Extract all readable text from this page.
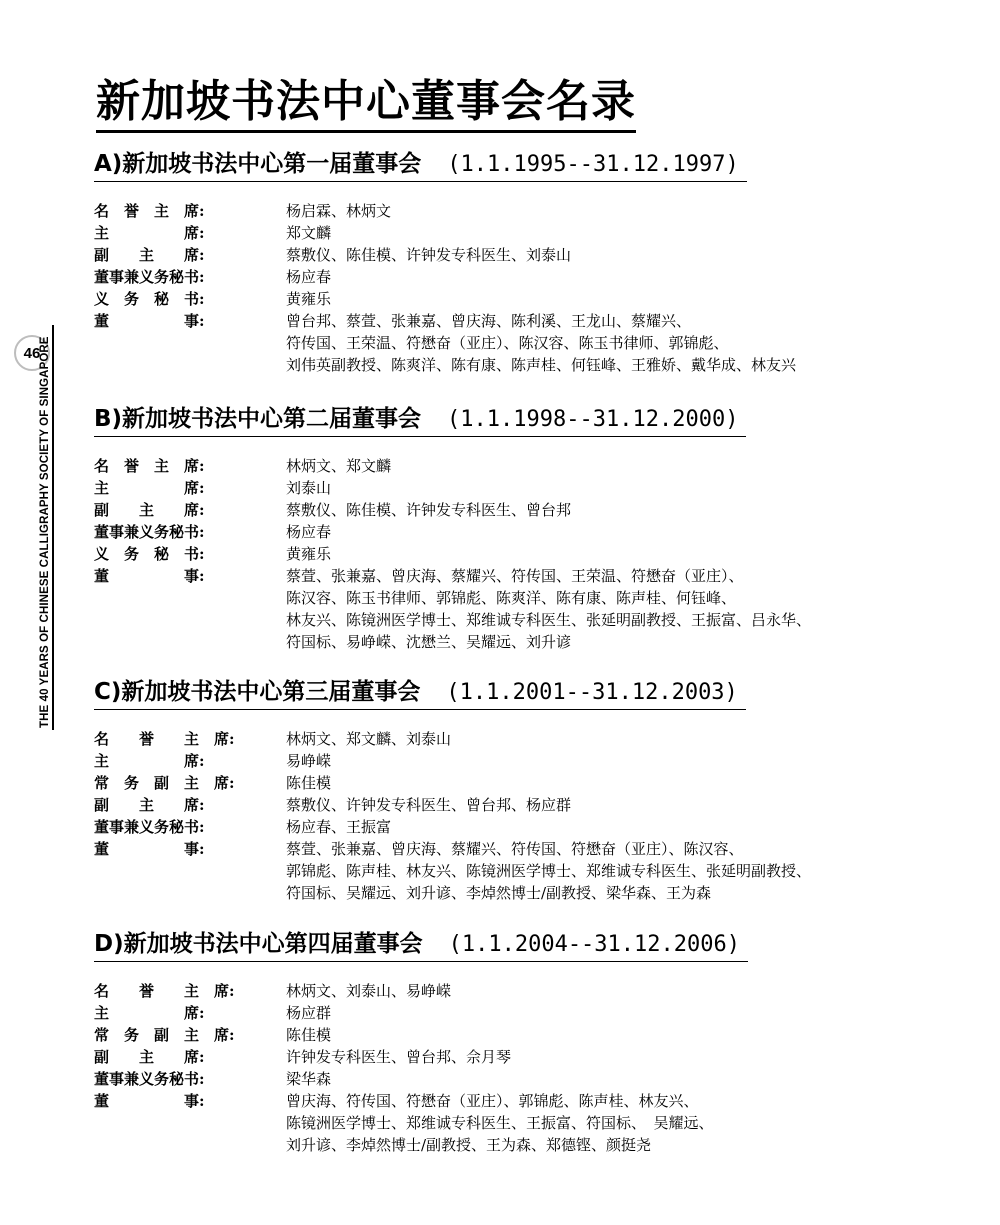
新加坡书法中心董事会名录
46
THE 40 YEARS OF CHINESE CALLIGRAPHY SOCIETY OF SINGAPORE
A)新加坡书法中心第一届董事会 (1.1.1995--31.12.1997)
名　誉　主　席:	杨启霖、林炳文
主　　　　　席:	郑文麟
副　　主　　席:	蔡敷仪、陈佳模、许钟发专科医生、刘泰山
董事兼义务秘书:	杨应春
义　务　秘　书:	黄雍乐
董　　　　　事:	曾台邦、蔡萱、张兼嘉、曾庆海、陈利溪、王龙山、蔡耀兴、
符传国、王荣温、符懋奋（亚庄）、陈汉容、陈玉书律师、郭锦彪、
刘伟英副教授、陈爽洋、陈有康、陈声桂、何钰峰、王雅娇、戴华成、林友兴
B)新加坡书法中心第二届董事会 (1.1.1998--31.12.2000)
名　誉　主　席:	林炳文、郑文麟
主　　　　　席:	刘泰山
副　　主　　席:	蔡敷仪、陈佳模、许钟发专科医生、曾台邦
董事兼义务秘书:	杨应春
义　务　秘　书:	黄雍乐
董　　　　　事:	蔡萱、张兼嘉、曾庆海、蔡耀兴、符传国、王荣温、符懋奋（亚庄）、
陈汉容、陈玉书律师、郭锦彪、陈爽洋、陈有康、陈声桂、何钰峰、
林友兴、陈镜洲医学博士、郑维诚专科医生、张延明副教授、王振富、吕永华、
符国标、易峥嵘、沈懋兰、吴耀远、刘升谚
C)新加坡书法中心第三届董事会 (1.1.2001--31.12.2003)
名　　誉　　主　席:	林炳文、郑文麟、刘泰山
主　　　　　席:	易峥嵘
常　务　副　主　席:	陈佳模
副　　主　　席:	蔡敷仪、许钟发专科医生、曾台邦、杨应群
董事兼义务秘书:	杨应春、王振富
董　　　　　事:	蔡萱、张兼嘉、曾庆海、蔡耀兴、符传国、符懋奋（亚庄）、陈汉容、
郭锦彪、陈声桂、林友兴、陈镜洲医学博士、郑维诚专科医生、张延明副教授、
符国标、吴耀远、刘升谚、李焯然博士/副教授、梁华森、王为森
D)新加坡书法中心第四届董事会 (1.1.2004--31.12.2006)
名　　誉　　主　席:	林炳文、刘泰山、易峥嵘
主　　　　　席:	杨应群
常　务　副　主　席:	陈佳模
副　　主　　席:	许钟发专科医生、曾台邦、佘月琴
董事兼义务秘书:	梁华森
董　　　　　事:	曾庆海、符传国、符懋奋（亚庄）、郭锦彪、陈声桂、林友兴、
陈镜洲医学博士、郑维诚专科医生、王振富、符国标、　吴耀远、
刘升谚、李焯然博士/副教授、王为森、郑德铿、颜挺尧
